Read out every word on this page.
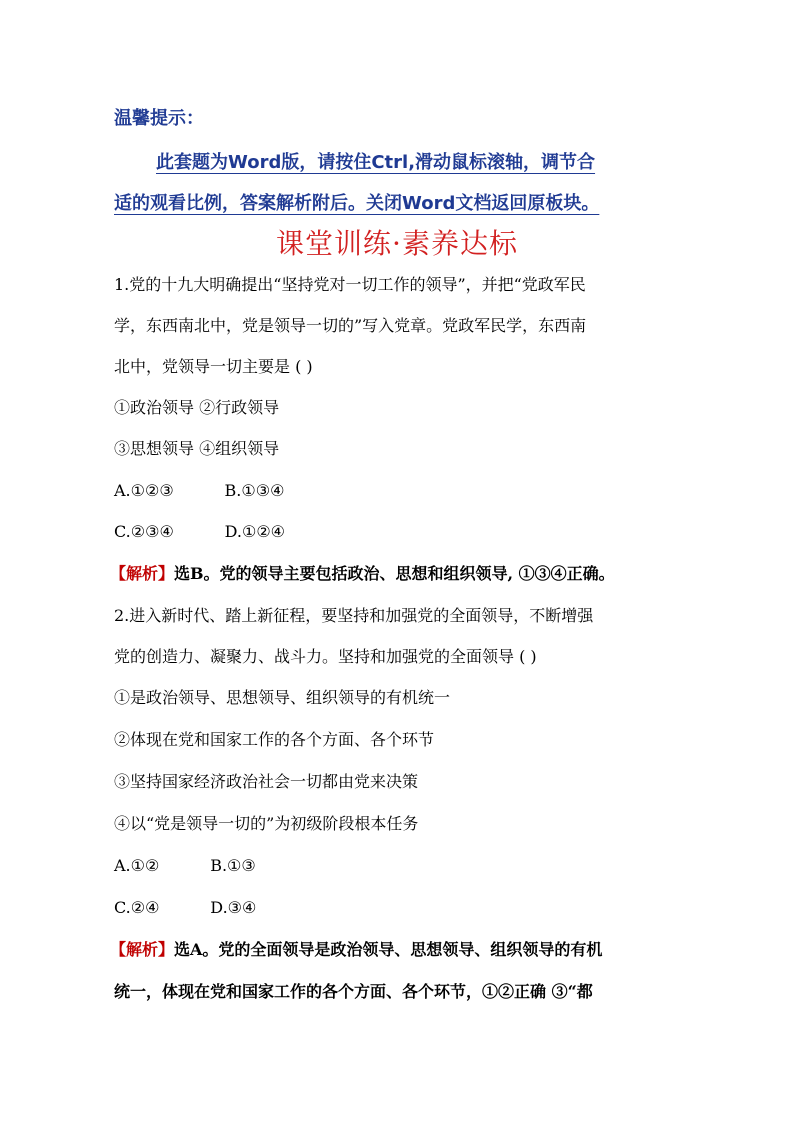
温馨提示：
此套题为Word版，请按住Ctrl,滑动鼠标滚轴，调节合
适的观看比例，答案解析附后。关闭Word文档返回原板块。
课堂训练·素养达标
1.党的十九大明确提出“坚持党对一切工作的领导”，并把“党政军民
学，东西南北中，党是领导一切的”写入党章。党政军民学，东西南
北中，党领导一切主要是 ( )
①政治领导 ②行政领导
③思想领导 ④组织领导
A.①②③          B.①③④
C.②③④          D.①②④
【解析】选B。党的领导主要包括政治、思想和组织领导, ①③④正确。
2.进入新时代、踏上新征程，要坚持和加强党的全面领导，不断增强
党的创造力、凝聚力、战斗力。坚持和加强党的全面领导 ( )
①是政治领导、思想领导、组织领导的有机统一
②体现在党和国家工作的各个方面、各个环节
③坚持国家经济政治社会一切都由党来决策
④以“党是领导一切的”为初级阶段根本任务
A.①②          B.①③
C.②④          D.③④
【解析】选A。党的全面领导是政治领导、思想领导、组织领导的有机
统一，体现在党和国家工作的各个方面、各个环节，①②正确 ③“都
